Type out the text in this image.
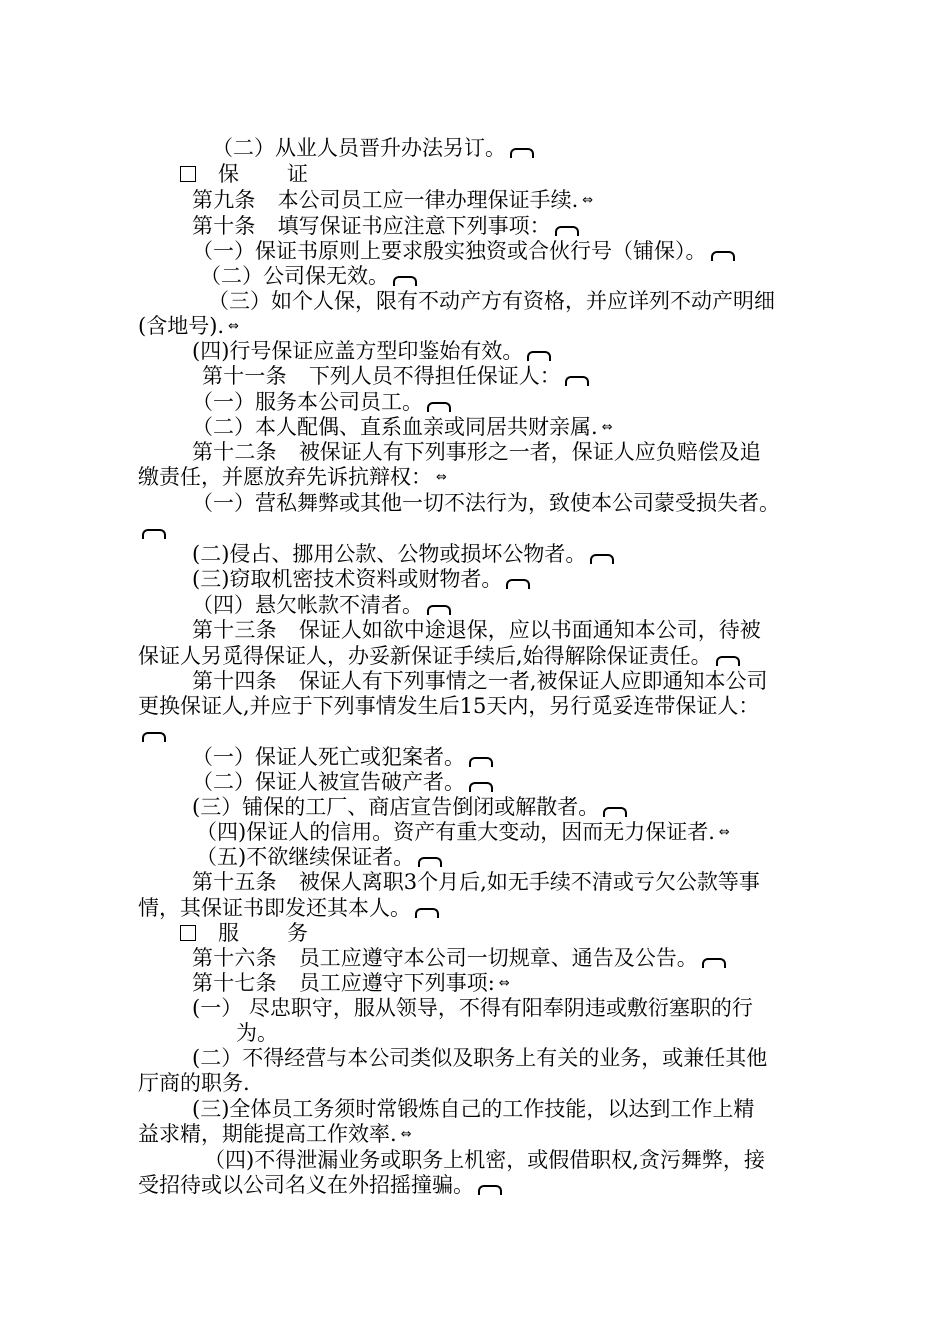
（二）从业人员晋升办法另订。
保 证
第九条 本公司员工应一律办理保证手续. ⇔
第十条 填写保证书应注意下列事项：
（一）保证书原则上要求殷实独资或合伙行号（铺保）。
（二）公司保无效。
（三）如个人保，限有不动产方有资格，并应详列不动产明细
(含地号). ⇔
(四)行号保证应盖方型印鉴始有效。
第十一条 下列人员不得担任保证人：
（一）服务本公司员工。
（二）本人配偶、直系血亲或同居共财亲属. ⇔
第十二条 被保证人有下列事形之一者，保证人应负赔偿及追
缴责任，并愿放弃先诉抗辩权： ⇔
（一）营私舞弊或其他一切不法行为，致使本公司蒙受损失者。
(二)侵占、挪用公款、公物或损坏公物者。
(三)窃取机密技术资料或财物者。
（四）悬欠帐款不清者。
第十三条 保证人如欲中途退保，应以书面通知本公司，待被
保证人另觅得保证人，办妥新保证手续后,始得解除保证责任。
第十四条 保证人有下列事情之一者,被保证人应即通知本公司
更换保证人,并应于下列事情发生后15天内，另行觅妥连带保证人：
（一）保证人死亡或犯案者。
（二）保证人被宣告破产者。
(三）铺保的工厂、商店宣告倒闭或解散者。
（四)保证人的信用。资产有重大变动，因而无力保证者. ⇔
（五)不欲继续保证者。
第十五条 被保人离职3个月后,如无手续不清或亏欠公款等事
情，其保证书即发还其本人。
服 务
第十六条 员工应遵守本公司一切规章、通告及公告。
第十七条 员工应遵守下列事项: ⇔
(一） 尽忠职守，服从领导，不得有阳奉阴违或敷衍塞职的行
为。
(二）不得经营与本公司类似及职务上有关的业务，或兼任其他
厅商的职务.
(三)全体员工务须时常锻炼自己的工作技能，以达到工作上精
益求精，期能提高工作效率. ⇔
（四)不得泄漏业务或职务上机密，或假借职权,贪污舞弊，接
受招待或以公司名义在外招摇撞骗。
